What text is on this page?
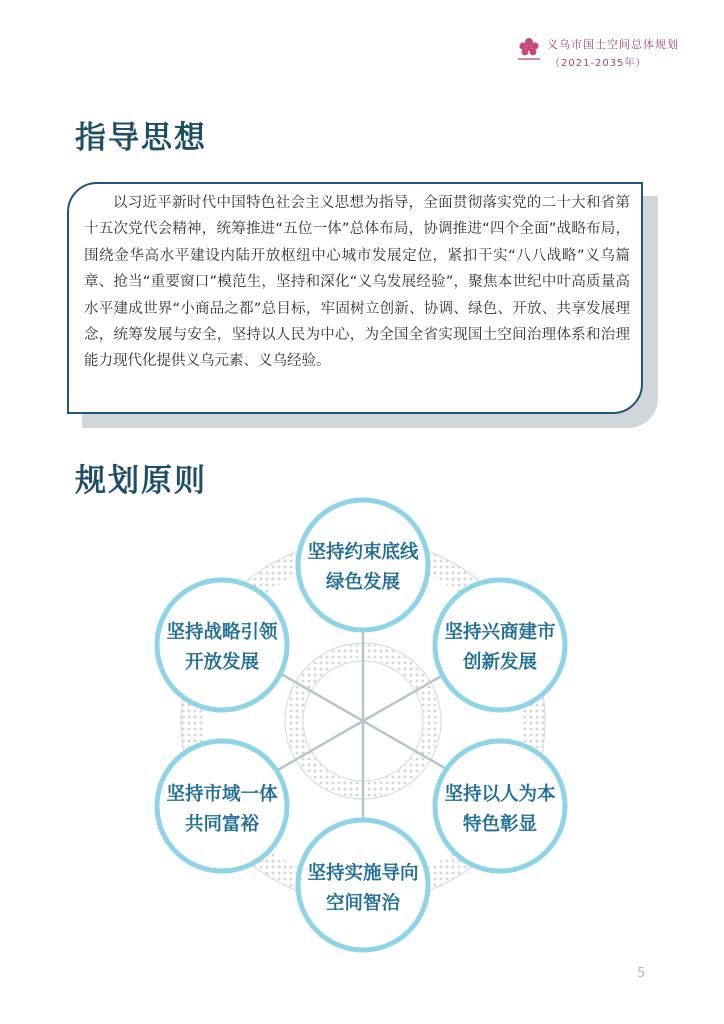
义乌市国土空间总体规划
（2021-2035年）
指导思想

以习近平新时代中国特色社会主义思想为指导，全面贯彻落实党的二十大和省第十五次党代会精神，统筹推进“五位一体”总体布局，协调推进“四个全面”战略布局，围绕金华高水平建设内陆开放枢纽中心城市发展定位，紧扣干实“八八战略”义乌篇章、抢当“重要窗口”模范生，坚持和深化“义乌发展经验”，聚焦本世纪中叶高质量高水平建成世界“小商品之都”总目标，牢固树立创新、协调、绿色、开放、共享发展理念，统筹发展与安全，坚持以人民为中心，为全国全省实现国土空间治理体系和治理能力现代化提供义乌元素、义乌经验。

规划原则
坚持约束底线
绿色发展
坚持兴商建市
创新发展
坚持以人为本
特色彰显
坚持实施导向
空间智治
坚持市域一体
共同富裕
坚持战略引领
开放发展
5
